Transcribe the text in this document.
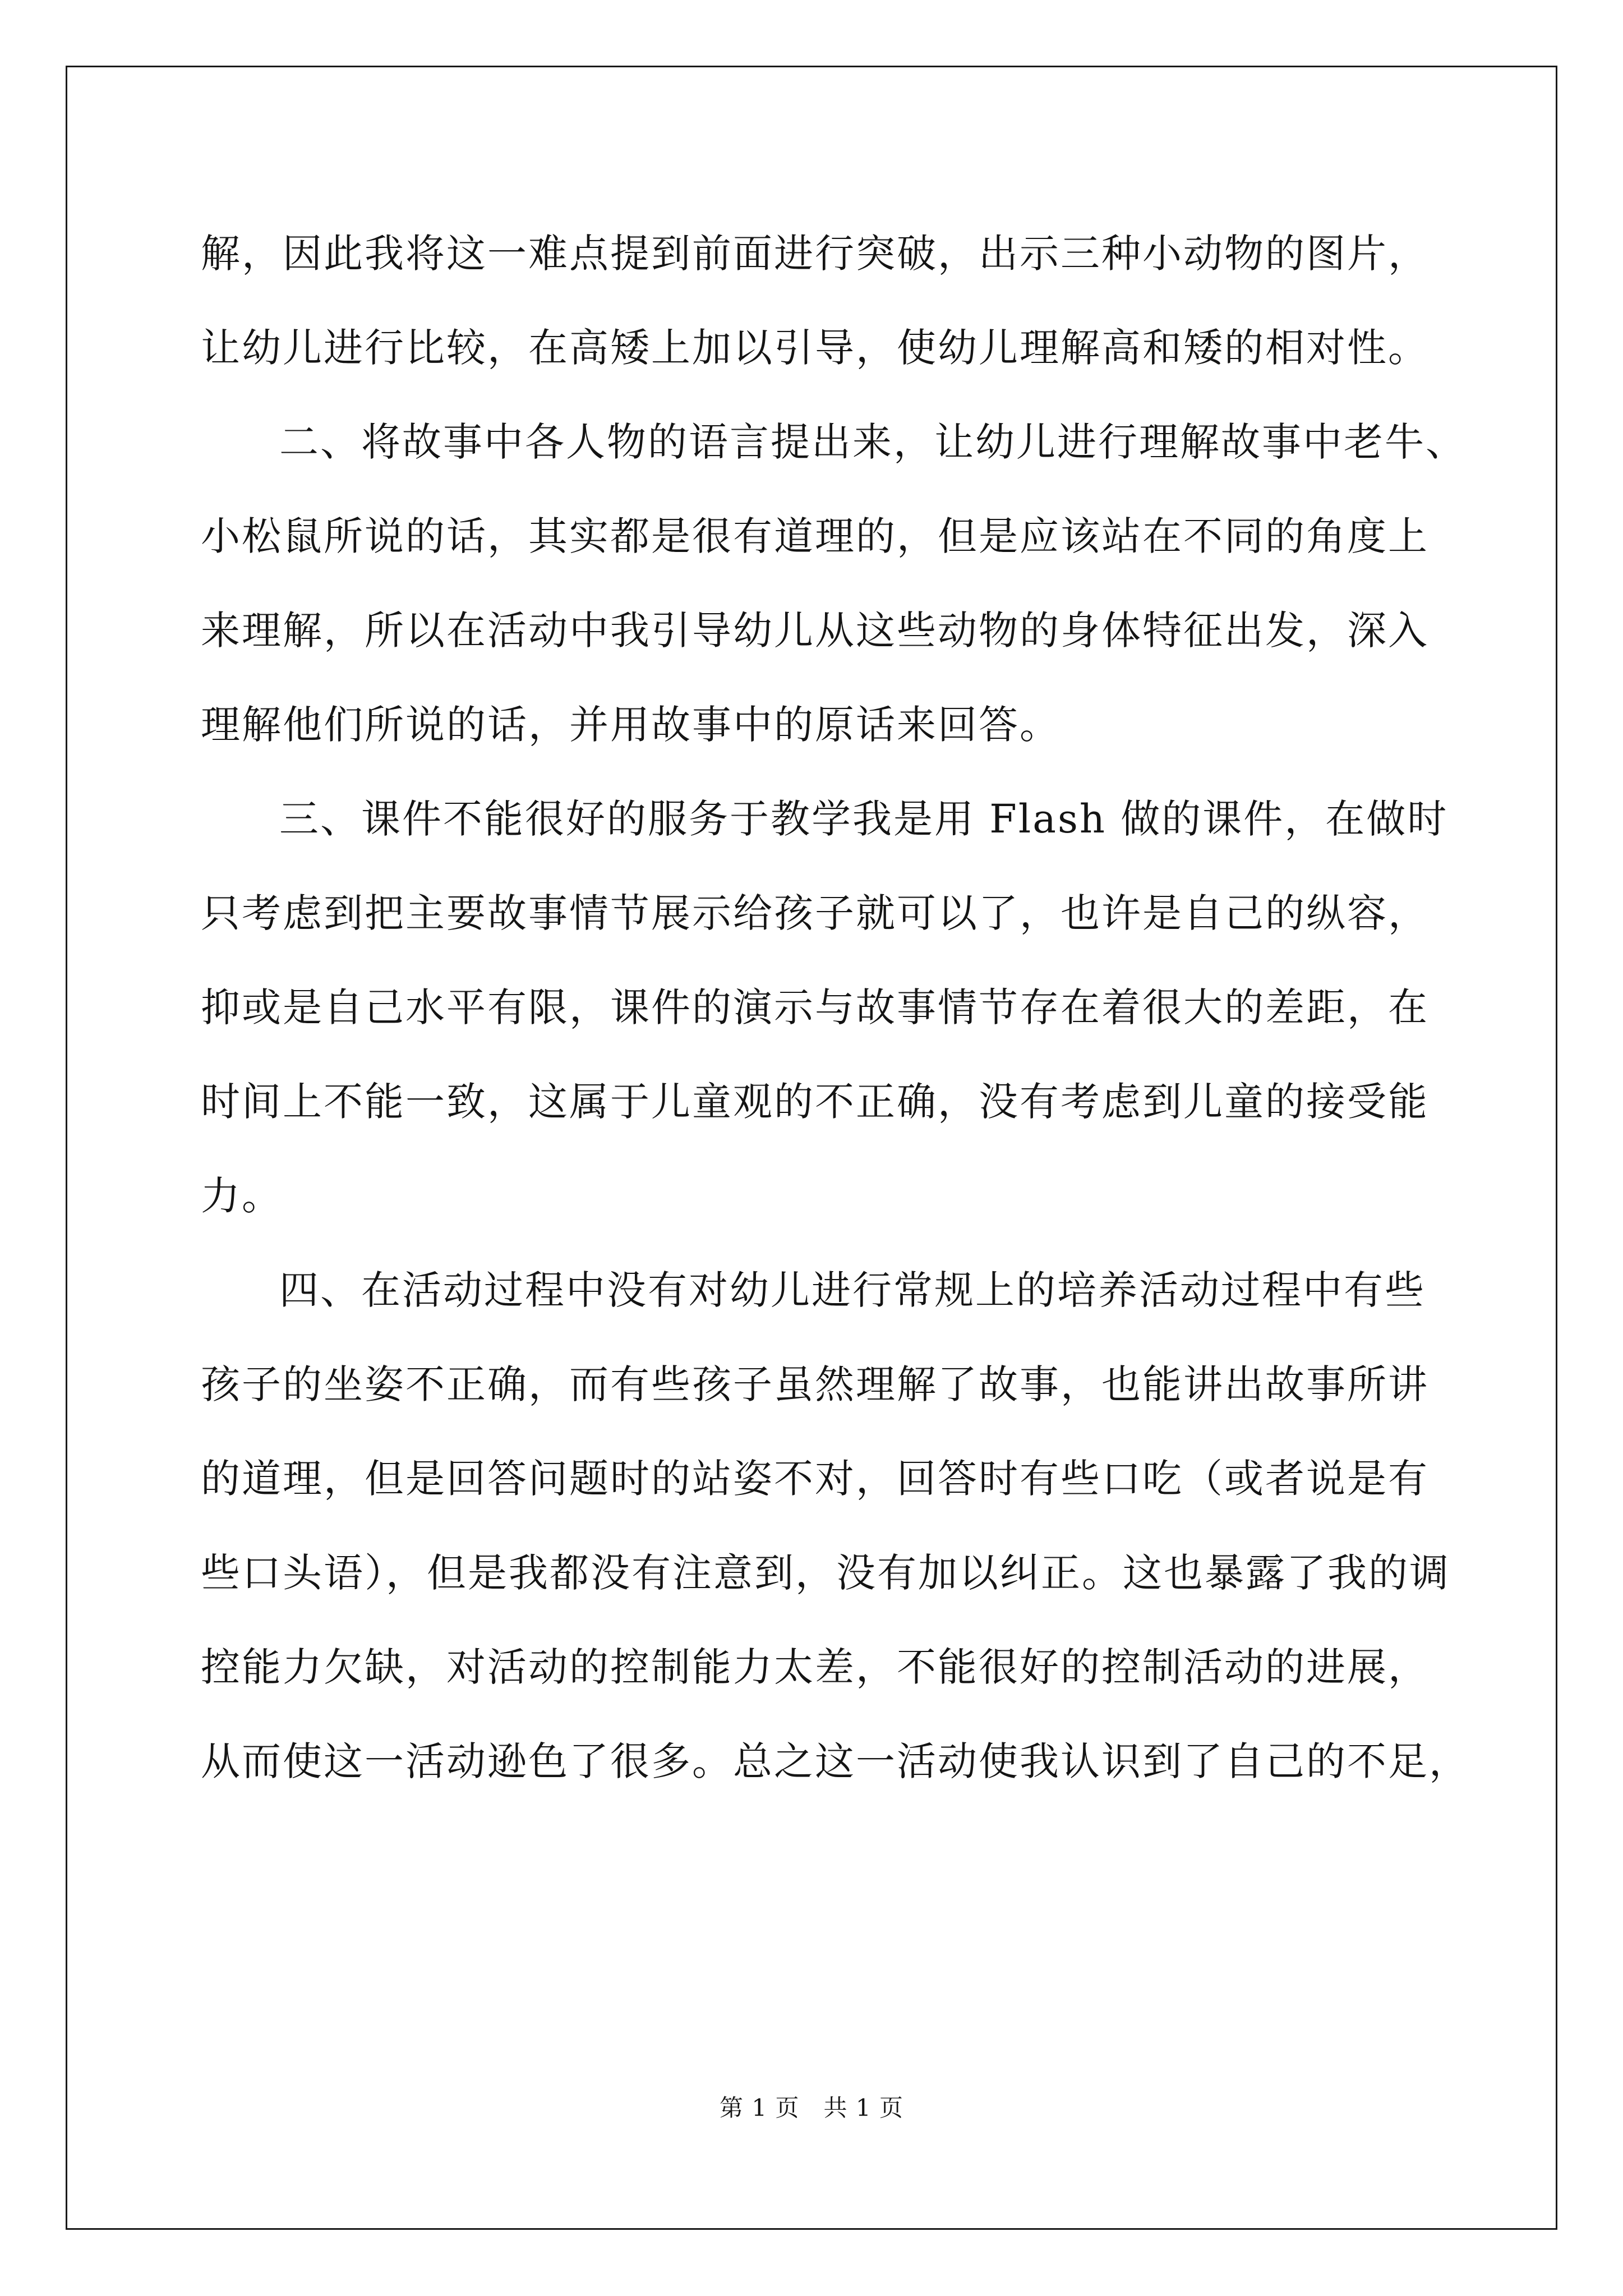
解，因此我将这一难点提到前面进行突破，出示三种小动物的图片，
让幼儿进行比较，在高矮上加以引导，使幼儿理解高和矮的相对性。
二、将故事中各人物的语言提出来，让幼儿进行理解故事中老牛、
小松鼠所说的话，其实都是很有道理的，但是应该站在不同的角度上
来理解，所以在活动中我引导幼儿从这些动物的身体特征出发，深入
理解他们所说的话，并用故事中的原话来回答。
三、课件不能很好的服务于教学我是用 Flash 做的课件，在做时
只考虑到把主要故事情节展示给孩子就可以了，也许是自己的纵容，
抑或是自己水平有限，课件的演示与故事情节存在着很大的差距，在
时间上不能一致，这属于儿童观的不正确，没有考虑到儿童的接受能
力。
四、在活动过程中没有对幼儿进行常规上的培养活动过程中有些
孩子的坐姿不正确，而有些孩子虽然理解了故事，也能讲出故事所讲
的道理，但是回答问题时的站姿不对，回答时有些口吃（或者说是有
些口头语），但是我都没有注意到，没有加以纠正。这也暴露了我的调
控能力欠缺，对活动的控制能力太差，不能很好的控制活动的进展，
从而使这一活动逊色了很多。总之这一活动使我认识到了自己的不足，
第 1 页   共 1 页
